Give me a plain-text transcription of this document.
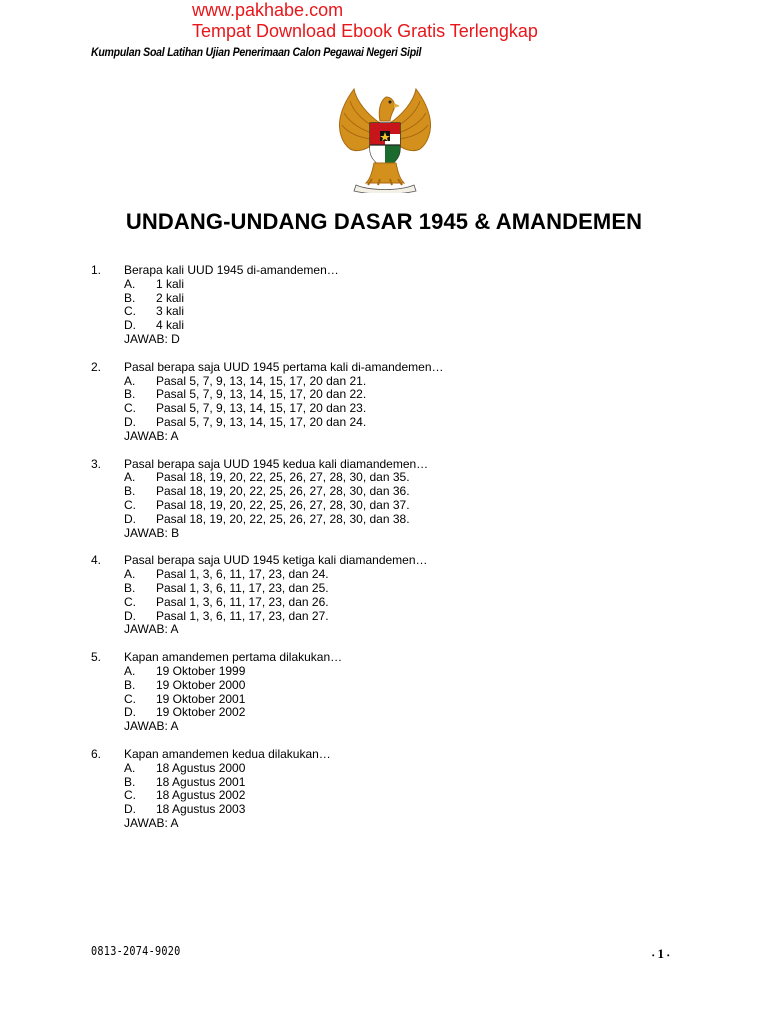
www.pakhabe.com
Tempat Download Ebook Gratis Terlengkap
Kumpulan Soal Latihan Ujian Penerimaan Calon Pegawai Negeri Sipil
UNDANG-UNDANG DASAR 1945 & AMANDEMEN
1.	Berapa kali UUD 1945 di-amandemen…
A.	1 kali
B.	2 kali
C.	3 kali
D.	4 kali
JAWAB: D
2.	Pasal berapa saja UUD 1945 pertama kali di-amandemen…
A.	Pasal 5, 7, 9, 13, 14, 15, 17, 20 dan 21.
B.	Pasal 5, 7, 9, 13, 14, 15, 17, 20 dan 22.
C.	Pasal 5, 7, 9, 13, 14, 15, 17, 20 dan 23.
D.	Pasal 5, 7, 9, 13, 14, 15, 17, 20 dan 24.
JAWAB: A
3.	Pasal berapa saja UUD 1945 kedua kali diamandemen…
A.	Pasal 18, 19, 20, 22, 25, 26, 27, 28, 30, dan 35.
B.	Pasal 18, 19, 20, 22, 25, 26, 27, 28, 30, dan 36.
C.	Pasal 18, 19, 20, 22, 25, 26, 27, 28, 30, dan 37.
D.	Pasal 18, 19, 20, 22, 25, 26, 27, 28, 30, dan 38.
JAWAB: B
4.	Pasal berapa saja UUD 1945 ketiga kali diamandemen…
A.	Pasal 1, 3, 6, 11, 17, 23, dan 24.
B.	Pasal 1, 3, 6, 11, 17, 23, dan 25.
C.	Pasal 1, 3, 6, 11, 17, 23, dan 26.
D.	Pasal 1, 3, 6, 11, 17, 23, dan 27.
JAWAB: A
5.	Kapan amandemen pertama dilakukan…
A.	19 Oktober 1999
B.	19 Oktober 2000
C.	19 Oktober 2001
D.	19 Oktober 2002
JAWAB: A
6.	Kapan amandemen kedua dilakukan…
A.	18 Agustus 2000
B.	18 Agustus 2001
C.	18 Agustus 2002
D.	18 Agustus 2003
JAWAB: A
0813-2074-9020	▪ 1 ▪
